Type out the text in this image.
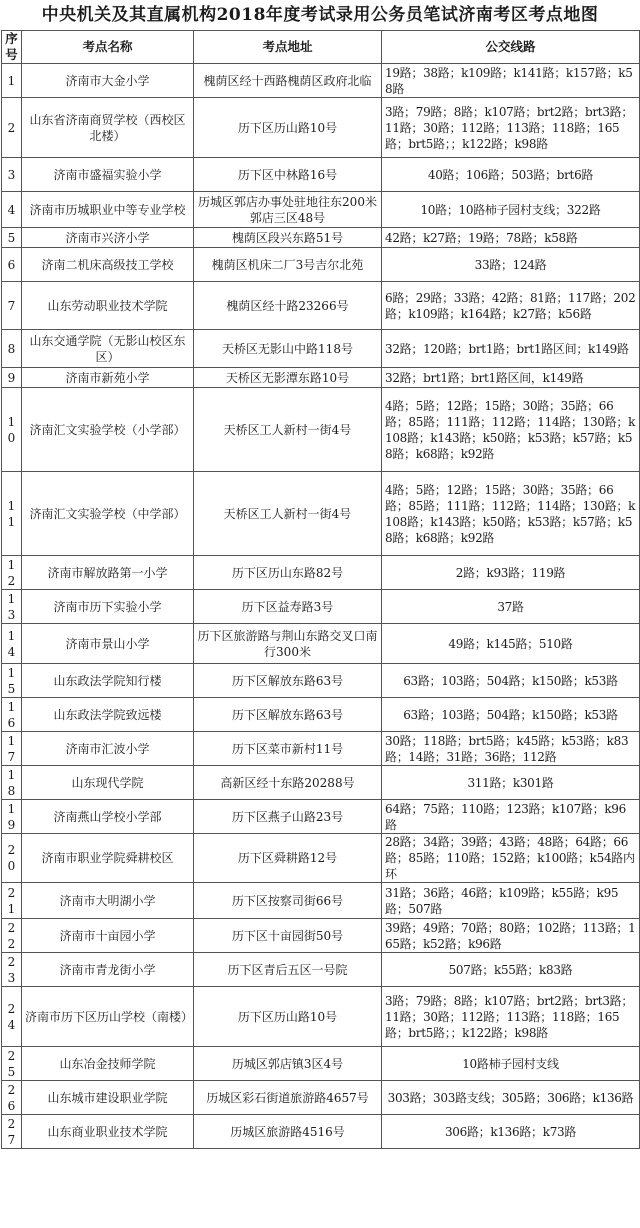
中央机关及其直属机构2018年度考试录用公务员笔试济南考区考点地图
序号	考点名称	考点地址	公交线路
1	济南市大金小学	槐荫区经十西路槐荫区政府北临	19路；38路；k109路；k141路；k157路；k58路
2	山东省济南商贸学校（西校区北楼）	历下区历山路10号	3路；79路；8路；k107路；brt2路；brt3路；11路；30路；112路；113路；118路；165路；brt5路；；k122路；k98路
3	济南市盛福实验小学	历下区中林路16号	40路；106路；503路；brt6路
4	济南市历城职业中等专业学校	历城区郭店办事处驻地往东200米郭店三区48号	10路；10路柿子园村支线；322路
5	济南市兴济小学	槐荫区段兴东路51号	42路；k27路；19路；78路；k58路
6	济南二机床高级技工学校	槐荫区机床二厂3号吉尔北苑	33路；124路
7	山东劳动职业技术学院	槐荫区经十路23266号	6路；29路；33路；42路；81路；117路；202路；k109路；k164路；k27路；k56路
8	山东交通学院（无影山校区东区）	天桥区无影山中路118号	32路；120路；brt1路；brt1路区间；k149路
9	济南市新苑小学	天桥区无影潭东路10号	32路；brt1路；brt1路区间，k149路
10	济南汇文实验学校（小学部）	天桥区工人新村一街4号	4路；5路；12路；15路；30路；35路；66路；85路；111路；112路；114路；130路；k108路；k143路；k50路；k53路；k57路；k58路；k68路；k92路
11	济南汇文实验学校（中学部）	天桥区工人新村一街4号	4路；5路；12路；15路；30路；35路；66路；85路；111路；112路；114路；130路；k108路；k143路；k50路；k53路；k57路；k58路；k68路；k92路
12	济南市解放路第一小学	历下区历山东路82号	2路；k93路；119路
13	济南市历下实验小学	历下区益寿路3号	37路
14	济南市景山小学	历下区旅游路与荆山东路交叉口南行300米	49路；k145路；510路
15	山东政法学院知行楼	历下区解放东路63号	63路；103路；504路；k150路；k53路
16	山东政法学院致远楼	历下区解放东路63号	63路；103路；504路；k150路；k53路
17	济南市汇波小学	历下区菜市新村11号	30路；118路；brt5路；k45路；k53路；k83路；14路；31路；36路；112路
18	山东现代学院	高新区经十东路20288号	311路；k301路
19	济南燕山学校小学部	历下区燕子山路23号	64路；75路；110路；123路；k107路；k96路
20	济南市职业学院舜耕校区	历下区舜耕路12号	28路；34路；39路；43路；48路；64路；66路；85路；110路；152路；k100路；k54路内环
21	济南市大明湖小学	历下区按察司街66号	31路；36路；46路；k109路；k55路；k95路；507路
22	济南市十亩园小学	历下区十亩园街50号	39路；49路；70路；80路；102路；113路；165路；k52路；k96路
23	济南市青龙街小学	历下区青后五区一号院	507路；k55路；k83路
24	济南市历下区历山学校（南楼）	历下区历山路10号	3路；79路；8路；k107路；brt2路；brt3路；11路；30路；112路；113路；118路；165路；brt5路；；k122路；k98路
25	山东冶金技师学院	历城区郭店镇3区4号	10路柿子园村支线
26	山东城市建设职业学院	历城区彩石街道旅游路4657号	303路；303路支线；305路；306路；k136路
27	山东商业职业技术学院	历城区旅游路4516号	306路；k136路；k73路
